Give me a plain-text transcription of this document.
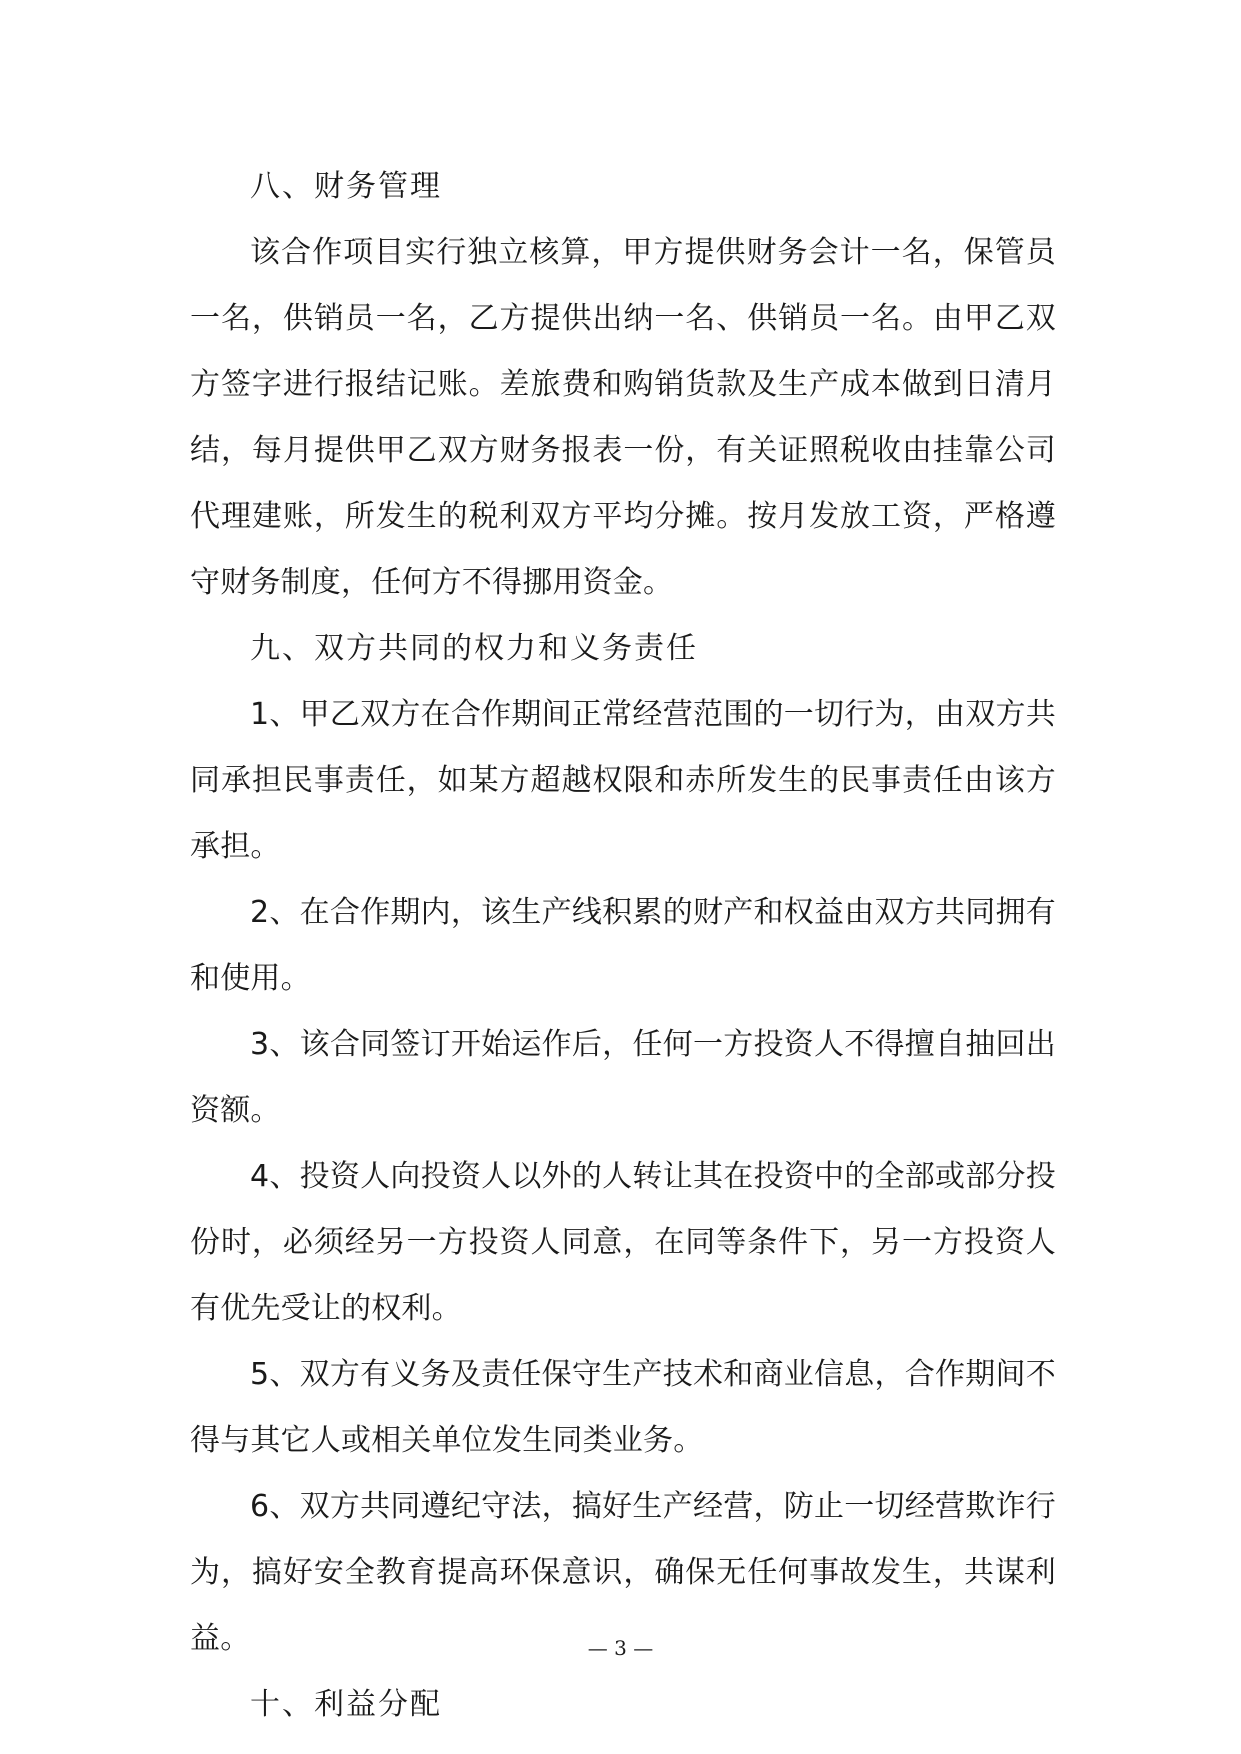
八、财务管理

该合作项目实行独立核算，甲方提供财务会计一名，保管员一名，供销员一名，乙方提供出纳一名、供销员一名。由甲乙双方签字进行报结记账。差旅费和购销货款及生产成本做到日清月结，每月提供甲乙双方财务报表一份，有关证照税收由挂靠公司代理建账，所发生的税利双方平均分摊。按月发放工资，严格遵守财务制度，任何方不得挪用资金。

九、双方共同的权力和义务责任

1、甲乙双方在合作期间正常经营范围的一切行为，由双方共同承担民事责任，如某方超越权限和赤所发生的民事责任由该方承担。

2、在合作期内，该生产线积累的财产和权益由双方共同拥有和使用。

3、该合同签订开始运作后，任何一方投资人不得擅自抽回出资额。

4、投资人向投资人以外的人转让其在投资中的全部或部分投份时，必须经另一方投资人同意，在同等条件下，另一方投资人有优先受让的权利。

5、双方有义务及责任保守生产技术和商业信息，合作期间不得与其它人或相关单位发生同类业务。

6、双方共同遵纪守法，搞好生产经营，防止一切经营欺诈行为，搞好安全教育提高环保意识，确保无任何事故发生，共谋利益。

十、利益分配

— 3 —
